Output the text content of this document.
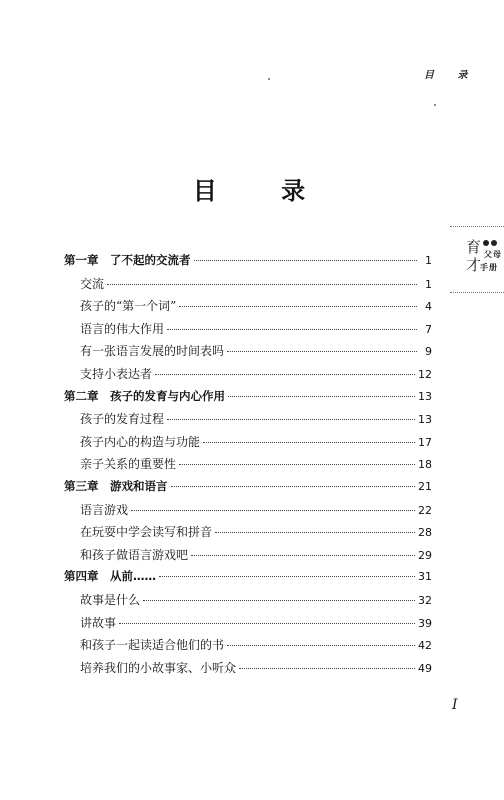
目 录
目 录
育
才
父 母
手 册
第一章　了不起的交流者	1
交流	1
孩子的“第一个词”	4
语言的伟大作用	7
有一张语言发展的时间表吗	9
支持小表达者	12
第二章　孩子的发育与内心作用	13
孩子的发育过程	13
孩子内心的构造与功能	17
亲子关系的重要性	18
第三章　游戏和语言	21
语言游戏	22
在玩耍中学会读写和拼音	28
和孩子做语言游戏吧	29
第四章　从前……	31
故事是什么	32
讲故事	39
和孩子一起读适合他们的书	42
培养我们的小故事家、小听众	49
I
